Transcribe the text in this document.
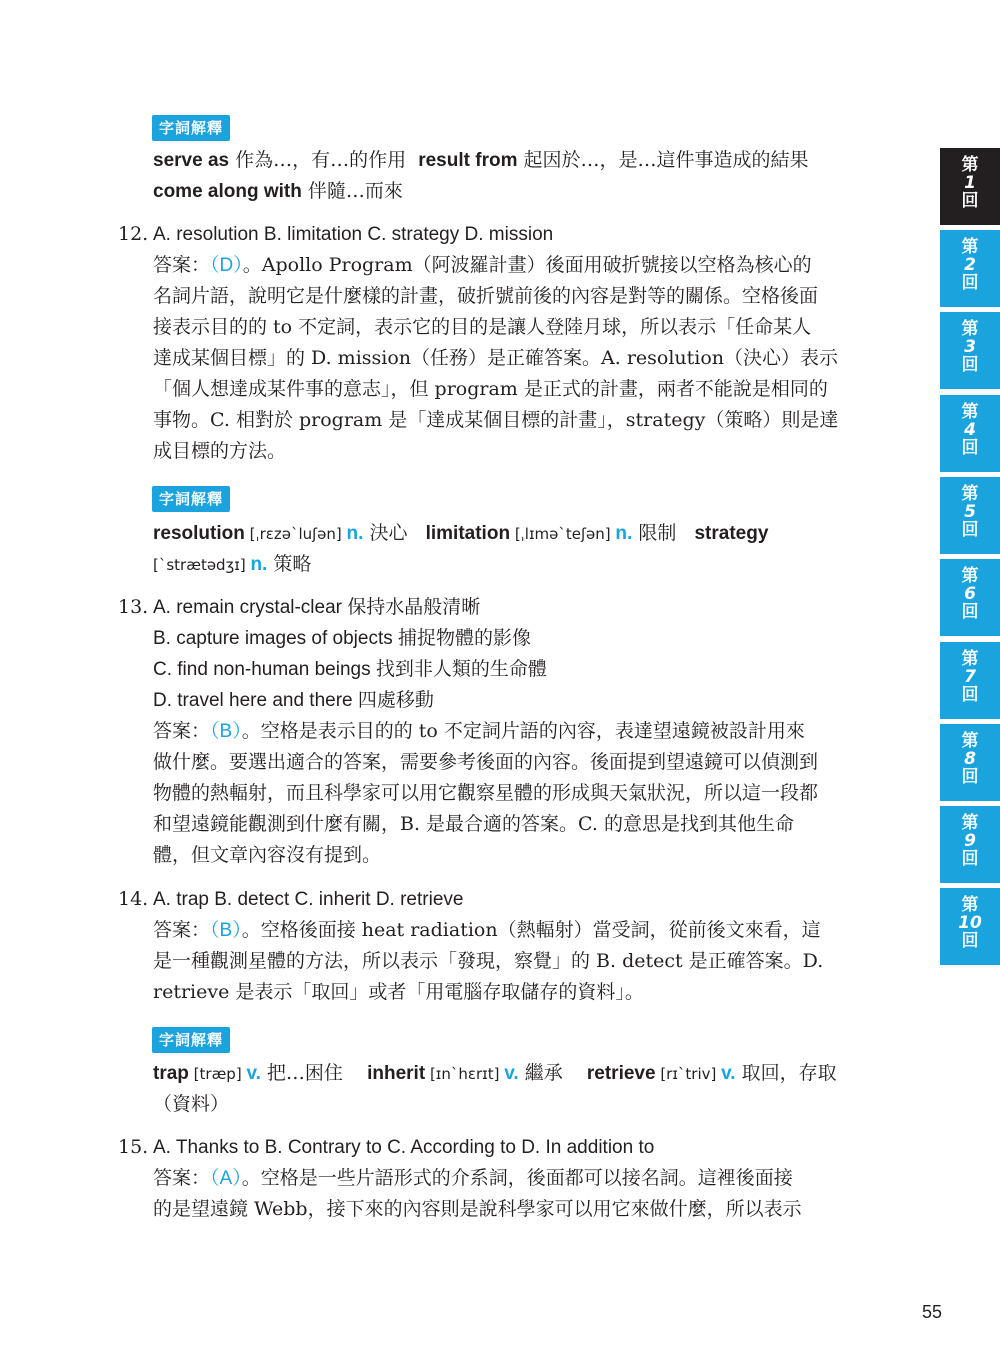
字詞解釋
serve as 作為…，有…的作用  result from 起因於…，是…這件事造成的結果
come along with 伴隨…而來
12. A. resolution B. limitation C. strategy D. mission
答案：（D）。Apollo Program（阿波羅計畫）後面用破折號接以空格為核心的
名詞片語，說明它是什麼樣的計畫，破折號前後的內容是對等的關係。空格後面
接表示目的的 to 不定詞，表示它的目的是讓人登陸月球，所以表示「任命某人
達成某個目標」的 D. mission（任務）是正確答案。A. resolution（決心）表示
「個人想達成某件事的意志」，但 program 是正式的計畫，兩者不能說是相同的
事物。C. 相對於 program 是「達成某個目標的計畫」，strategy（策略）則是達
成目標的方法。
字詞解釋
resolution [ˌrɛzəˋluʃən] n. 決心 limitation [ˌlɪməˋteʃən] n. 限制 strategy
[ˋstrætədʒɪ] n. 策略
13. A. remain crystal-clear 保持水晶般清晰
B. capture images of objects 捕捉物體的影像
C. find non-human beings 找到非人類的生命體
D. travel here and there 四處移動
答案：（B）。空格是表示目的的 to 不定詞片語的內容，表達望遠鏡被設計用來
做什麼。要選出適合的答案，需要參考後面的內容。後面提到望遠鏡可以偵測到
物體的熱輻射，而且科學家可以用它觀察星體的形成與天氣狀況，所以這一段都
和望遠鏡能觀測到什麼有關，B. 是最合適的答案。C. 的意思是找到其他生命
體，但文章內容沒有提到。
14. A. trap B. detect C. inherit D. retrieve
答案：（B）。空格後面接 heat radiation（熱輻射）當受詞，從前後文來看，這
是一種觀測星體的方法，所以表示「發現，察覺」的 B. detect 是正確答案。D.
retrieve 是表示「取回」或者「用電腦存取儲存的資料」。
字詞解釋
trap [træp] v. 把…困住 inherit [ɪnˋhɛrɪt] v. 繼承 retrieve [rɪˋtriv] v. 取回，存取
（資料）
15. A. Thanks to B. Contrary to C. According to D. In addition to
答案：（A）。空格是一些片語形式的介系詞，後面都可以接名詞。這裡後面接
的是望遠鏡 Webb，接下來的內容則是說科學家可以用它來做什麼，所以表示
第
1
回
第
2
回
第
3
回
第
4
回
第
5
回
第
6
回
第
7
回
第
8
回
第
9
回
第
10
回
55
